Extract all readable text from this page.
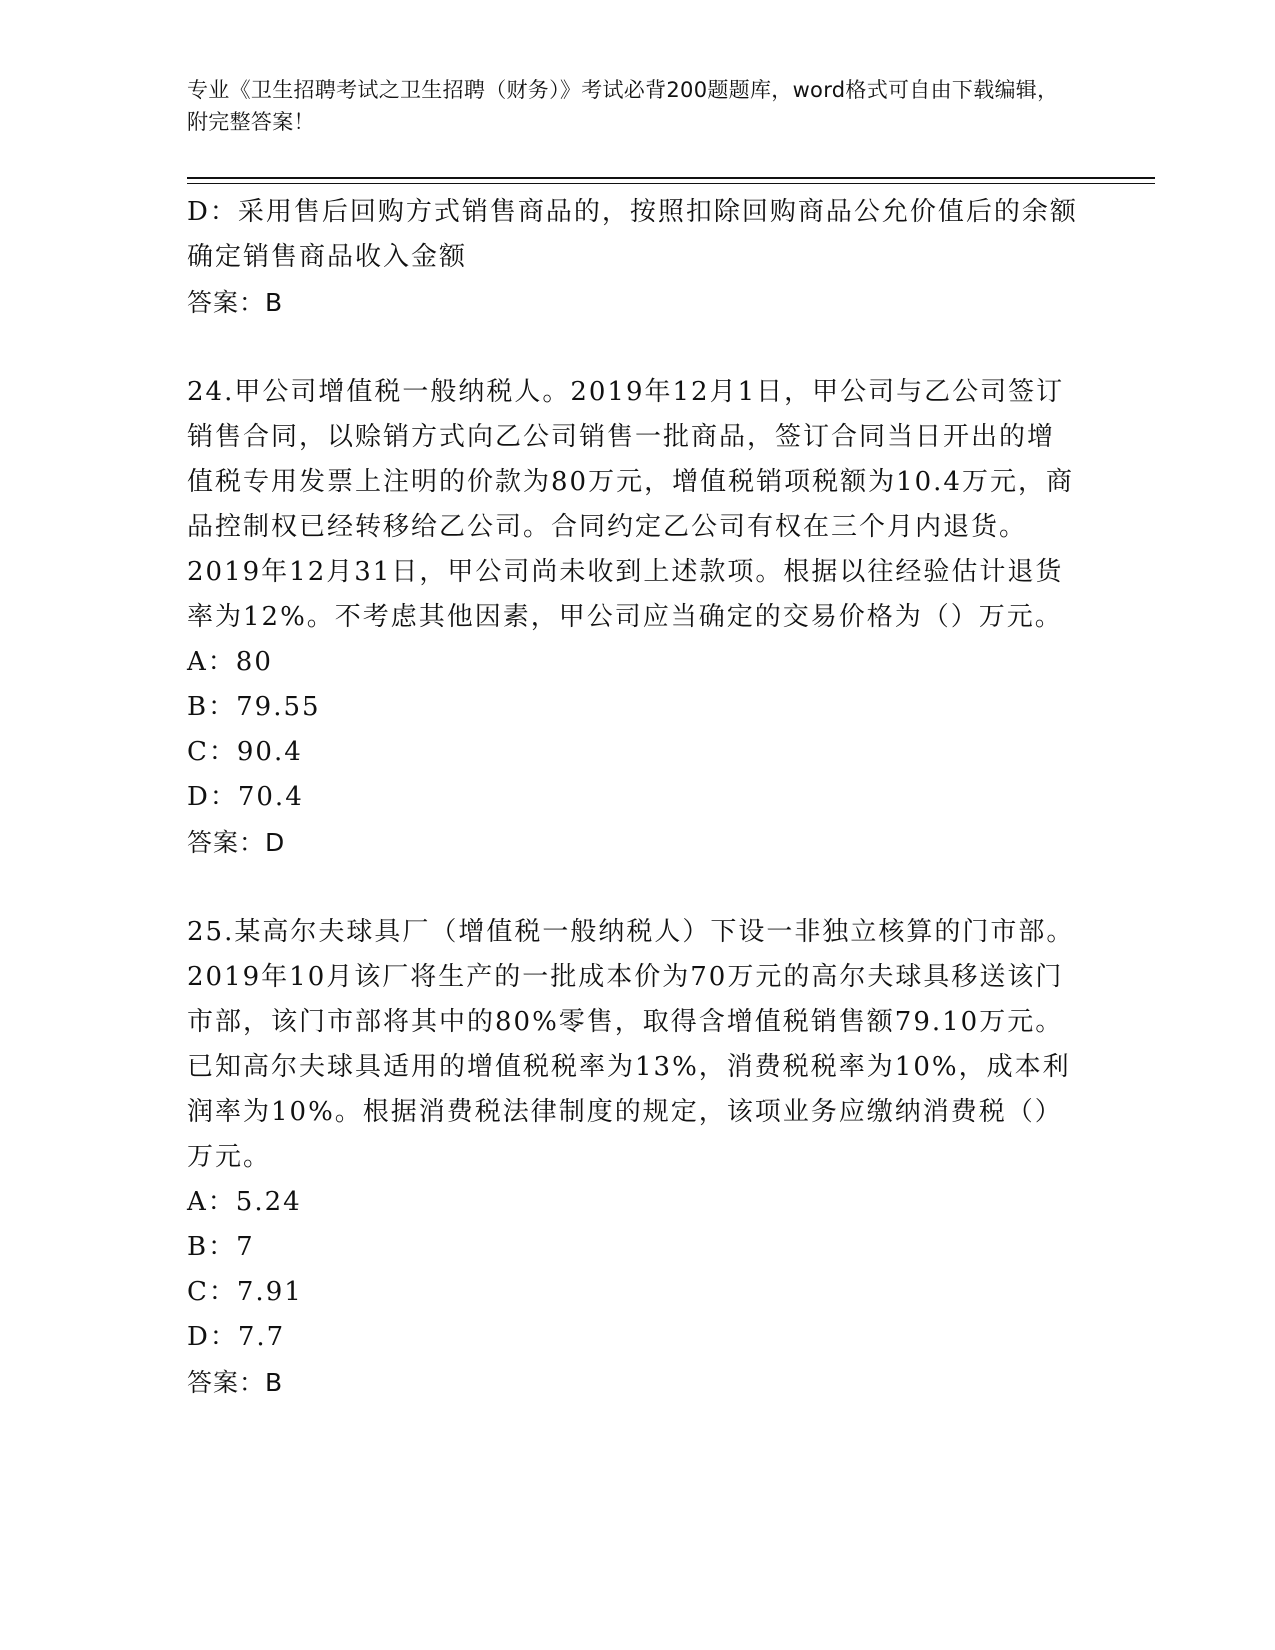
专业《卫生招聘考试之卫生招聘（财务）》考试必背200题题库，word格式可自由下载编辑，附完整答案！
D：采用售后回购方式销售商品的，按照扣除回购商品公允价值后的余额确定销售商品收入金额
答案：B
24.甲公司增值税一般纳税人。2019年12月1日，甲公司与乙公司签订销售合同，以赊销方式向乙公司销售一批商品，签订合同当日开出的增值税专用发票上注明的价款为80万元，增值税销项税额为10.4万元，商品控制权已经转移给乙公司。合同约定乙公司有权在三个月内退货。2019年12月31日，甲公司尚未收到上述款项。根据以往经验估计退货率为12%。不考虑其他因素，甲公司应当确定的交易价格为（）万元。
A：80
B：79.55
C：90.4
D：70.4
答案：D
25.某高尔夫球具厂（增值税一般纳税人）下设一非独立核算的门市部。2019年10月该厂将生产的一批成本价为70万元的高尔夫球具移送该门市部，该门市部将其中的80%零售，取得含增值税销售额79.10万元。已知高尔夫球具适用的增值税税率为13%，消费税税率为10%，成本利润率为10%。根据消费税法律制度的规定，该项业务应缴纳消费税（）万元。
A：5.24
B：7
C：7.91
D：7.7
答案：B
